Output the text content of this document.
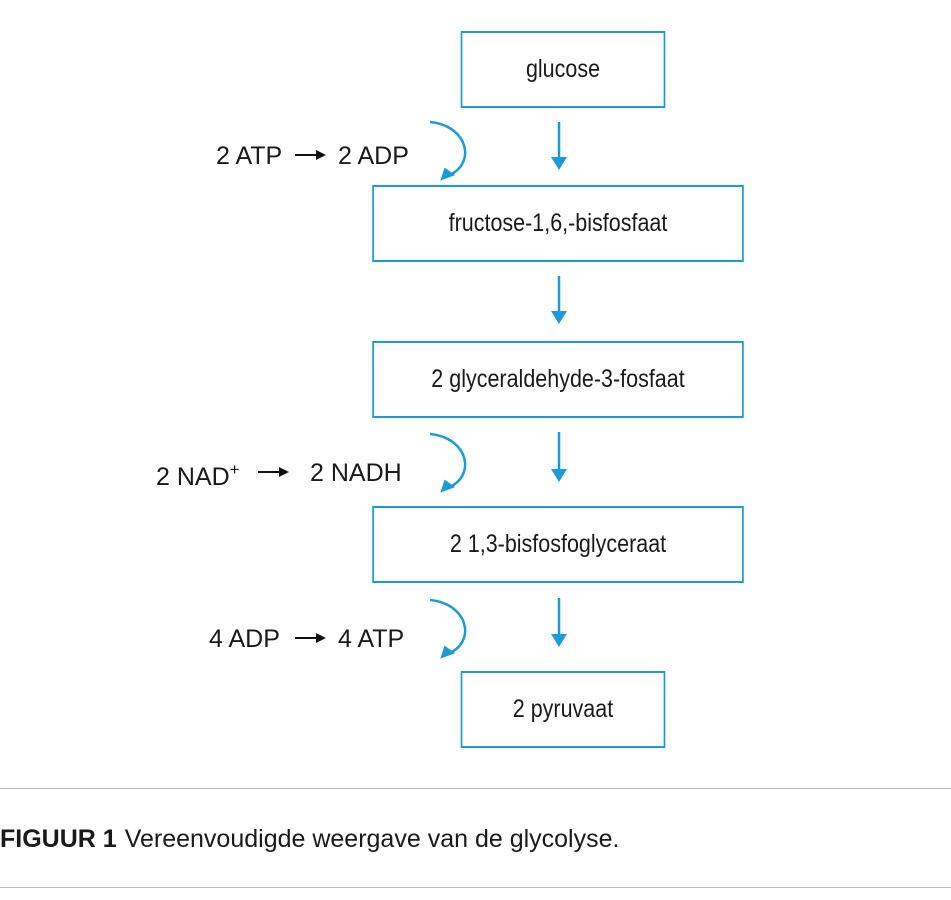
glucose
fructose-1,6,-bisfosfaat
2 glyceraldehyde-3-fosfaat
2 1,3-bisfosfoglyceraat
2 pyruvaat
2 ATP 2 ADP
2 NAD+	2 NADH
4 ADP 4 ATP
FIGUUR 1 Vereenvoudigde weergave van de glycolyse.
